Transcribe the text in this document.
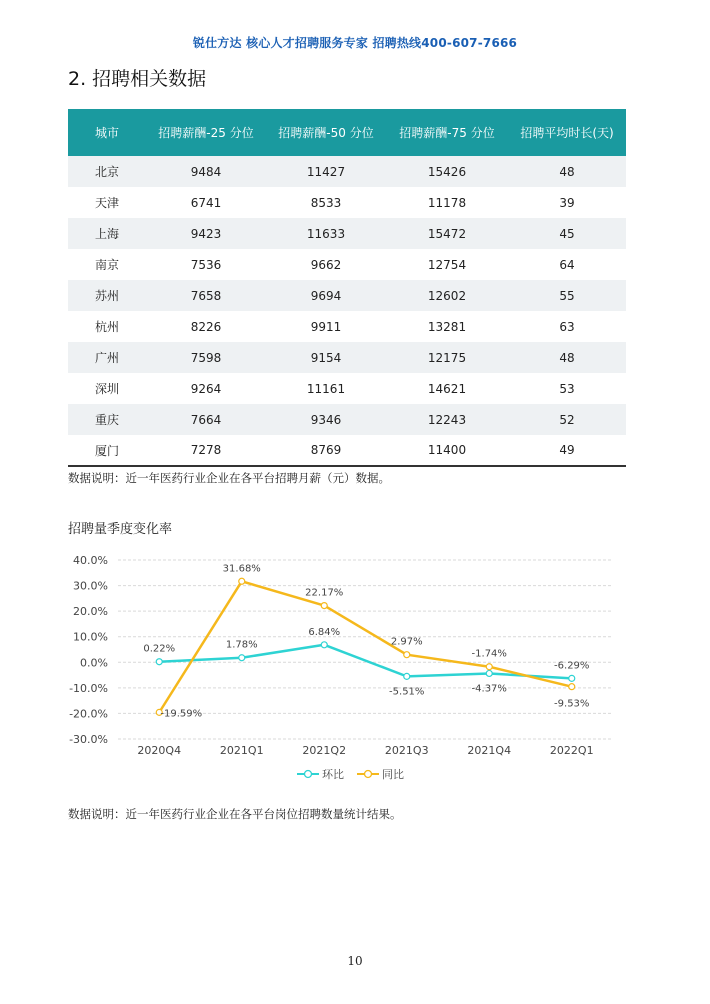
锐仕方达 核心人才招聘服务专家 招聘热线400-607-7666
2. 招聘相关数据
城市	招聘薪酬-25 分位	招聘薪酬-50 分位	招聘薪酬-75 分位	招聘平均时长(天)
北京	9484	11427	15426	48
天津	6741	8533	11178	39
上海	9423	11633	15472	45
南京	7536	9662	12754	64
苏州	7658	9694	12602	55
杭州	8226	9911	13281	63
广州	7598	9154	12175	48
深圳	9264	11161	14621	53
重庆	7664	9346	12243	52
厦门	7278	8769	11400	49
数据说明：近一年医药行业企业在各平台招聘月薪（元）数据。
招聘量季度变化率
40.0%
30.0%
20.0%
10.0%
0.0%
-10.0%
-20.0%
-30.0%
2020Q4	2021Q1	2021Q2	2021Q3	2021Q4	2022Q1
0.22%	1.78%
6.84%
-5.51%	-4.37%
-6.29%
-19.59%
31.68%
22.17%
2.97%
-1.74%
-9.53%
环比	同比
数据说明：近一年医药行业企业在各平台岗位招聘数量统计结果。
10
